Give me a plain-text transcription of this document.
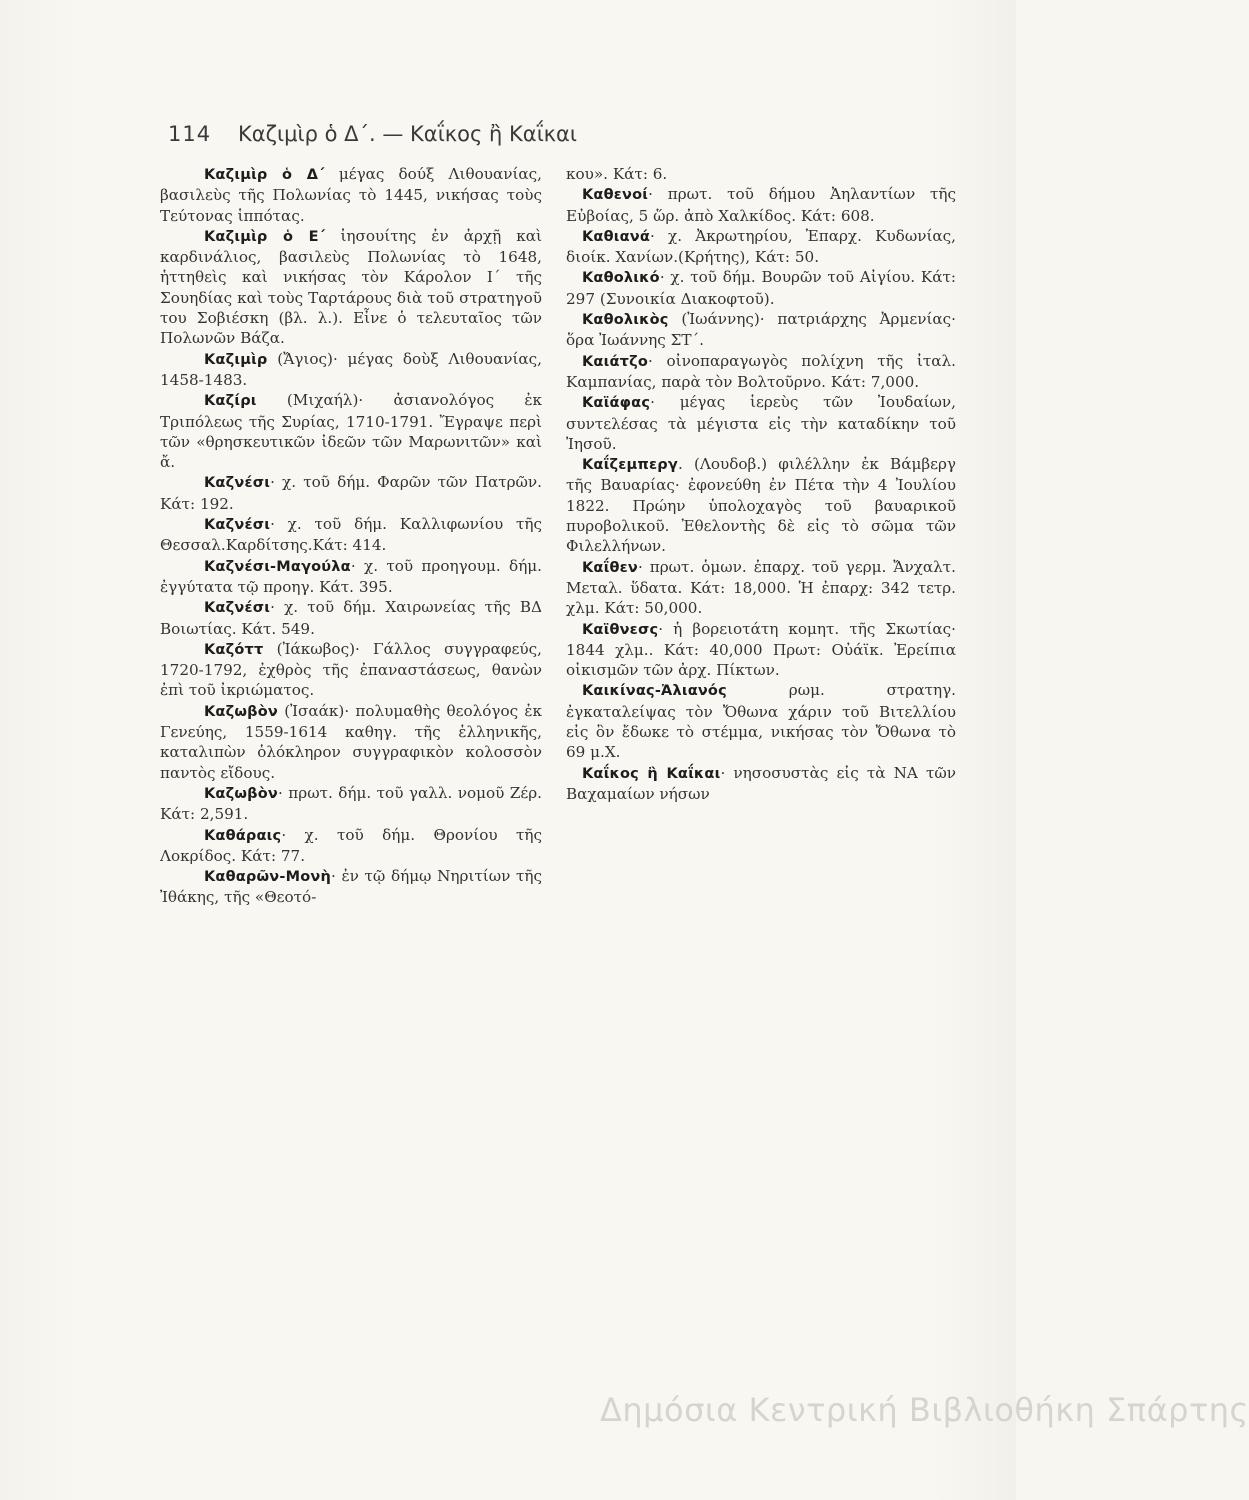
114 Καζιμὶρ ὁ Δ΄. — Καΐκος ἢ Καΐκαι

Καζιμὶρ ὁ Δ΄ μέγας δούξ Λιθουανίας, βασιλεὺς τῆς Πολωνίας τὸ 1445, νικήσας τοὺς Τεύτονας ἱππότας.

Καζιμὶρ ὁ Ε΄ ἰησουίτης ἐν ἀρχῇ καὶ καρδινάλιος, βασιλεὺς Πολωνίας τὸ 1648, ἡττηθεὶς καὶ νικήσας τὸν Κάρολον Ι΄ τῆς Σουηδίας καὶ τοὺς Ταρτάρους διὰ τοῦ στρατηγοῦ του Σοβιέσκη (βλ. λ.). Εἶνε ὁ τελευταῖος τῶν Πολωνῶν Βάζα.

Καζιμὶρ (Ἄγιος)· μέγας δοὺξ Λιθουανίας, 1458-1483.

Καζίρι (Μιχαήλ)· ἀσιανολόγος ἐκ Τριπόλεως τῆς Συρίας, 1710-1791. Ἔγραψε περὶ τῶν «θρησκευτικῶν ἰδεῶν τῶν Μαρωνιτῶν» καὶ ἄ.

Καζνέσι· χ. τοῦ δήμ. Φαρῶν τῶν Πατρῶν. Κάτ: 192.

Καζνέσι· χ. τοῦ δήμ. Καλλιφωνίου τῆς Θεσσαλ.Καρδίτσης.Κάτ: 414.

Καζνέσι-Μαγούλα· χ. τοῦ προηγουμ. δήμ. ἐγγύτατα τῷ προηγ. Κάτ. 395.

Καζνέσι· χ. τοῦ δήμ. Χαιρωνείας τῆς ΒΔ Βοιωτίας. Κάτ. 549.

Καζόττ (Ἰάκωβος)· Γάλλος συγγραφεύς, 1720-1792, ἐχθρὸς τῆς ἐπαναστάσεως, θανὼν ἐπὶ τοῦ ἰκριώματος.

Καζωβὸν (Ἰσαάκ)· πολυμαθὴς θεολόγος ἐκ Γενεύης, 1559-1614 καθηγ. τῆς ἑλληνικῆς, καταλιπὼν ὁλόκληρον συγγραφικὸν κολοσσὸν παντὸς εἴδους.

Καζωβὸν· πρωτ. δήμ. τοῦ γαλλ. νομοῦ Ζέρ. Κάτ: 2,591.

Καθάραις· χ. τοῦ δήμ. Θρονίου τῆς Λοκρίδος. Κάτ: 77.

Καθαρῶν-Μονὴ· ἐν τῷ δήμῳ Νηριτίων τῆς Ἰθάκης, τῆς «Θεοτό-

κου». Κάτ: 6.

Καθενοί· πρωτ. τοῦ δήμου Ἀηλαντίων τῆς Εὐβοίας, 5 ὥρ. ἀπὸ Χαλκίδος. Κάτ: 608.

Καθιανά· χ. Ἀκρωτηρίου, Ἐπαρχ. Κυδωνίας, διοίκ. Χανίων.(Κρήτης), Κάτ: 50.

Καθολικό· χ. τοῦ δήμ. Βουρῶν τοῦ Αἰγίου. Κάτ: 297 (Συνοικία Διακοφτοῦ).

Καθολικὸς (Ἰωάννης)· πατριάρχης Ἀρμενίας· ὅρα Ἰωάννης ΣΤ΄.

Καιάτζο· οἰνοπαραγωγὸς πολίχνη τῆς ἰταλ. Καμπανίας, παρὰ τὸν Βολτοῦρνο. Κάτ: 7,000.

Καϊάφας· μέγας ἱερεὺς τῶν Ἰουδαίων, συντελέσας τὰ μέγιστα εἰς τὴν καταδίκην τοῦ Ἰησοῦ.

Καΐζεμπεργ. (Λουδοβ.) φιλέλλην ἐκ Βάμβεργ τῆς Βαυαρίας· ἐφονεύθη ἐν Πέτα τὴν 4 Ἰουλίου 1822. Πρώην ὑπολοχαγὸς τοῦ βαυαρικοῦ πυροβολικοῦ. Ἐθελοντὴς δὲ εἰς τὸ σῶμα τῶν Φιλελλήνων.

Καΐθεν· πρωτ. ὁμων. ἐπαρχ. τοῦ γερμ. Ἄνχαλτ. Μεταλ. ὕδατα. Κάτ: 18,000. Ἡ ἐπαρχ: 342 τετρ. χλμ. Κάτ: 50,000.

Καϊθνεσς· ἡ βορειοτάτη κομητ. τῆς Σκωτίας· 1844 χλμ.. Κάτ: 40,000 Πρωτ: Οὐάϊκ. Ἐρείπια οἰκισμῶν τῶν ἀρχ. Πίκτων.

Καικίνας-Ἀλιανός ρωμ. στρατηγ. ἐγκαταλείψας τὸν Ὄθωνα χάριν τοῦ Βιτελλίου εἰς ὃν ἔδωκε τὸ στέμμα, νικήσας τὸν Ὄθωνα τὸ 69 μ.Χ.

Καΐκος ἢ Καΐκαι· νησοσυστὰς εἰς τὰ ΝΑ τῶν Βαχαμαίων νήσων

Δημόσια Κεντρική Βιβλιοθήκη Σπάρτης
